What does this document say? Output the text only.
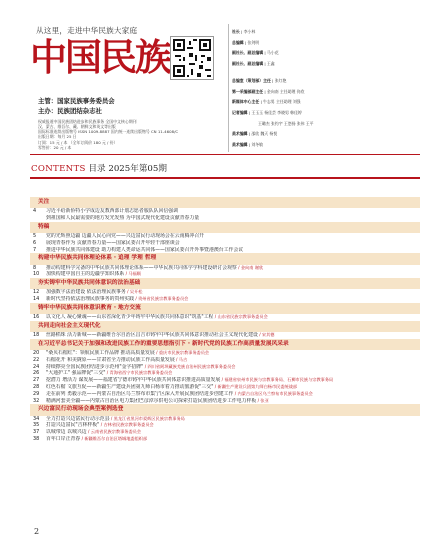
从这里，走进中华民族大家庭
中国民族
主管：国家民族事务委员会
主办：民族团结杂志社
权威报道中国民族团结进步和民族事务 全国中文核心期刊
汉、蒙古、维吾尔、藏、朝鲜文和英文等出版
国际标准连续出版物号 ISSN 1009-8887 国内统一连续出版物号 CN 11-4608/C
出版日期：每月 25 日
订阅：15 元 / 本 （全年订阅价 180 元 / 份）
零售价：20 元 / 本
社长 | 李小林
总编辑 | 张剑明
副社长、副总编辑 | 马小花
副社长、副总编辑 | 王鑫
总编室（策划部）主任 | 张红艳
第一采编部副主任 | 金向南 主任助理 佟欣
新媒体中心主任 | 牛志男 主任助理 刘强
记者编辑 | 王玉玉 杨佳芸 李晓男 韩佳婷
王璐杰 张钧宇 王悠扬 张伟 王平
美术编辑 | 邵欣 魏天 杨悦
美术编辑 | 刘冬敏
CONTENTS 目录 2025年第05期
关注
4 习近平给新侨特小学成边友教西部计划志愿者服队队回信强调
到祖国和人民最需要的地方发光发热 为中国式现代化建设贡献青春力量
特稿
5 党的光辉照边疆 边疆人民心向党——兴边富民行动现场会在云南腾冲召开
6 展现青春作为 贡献青春力量——国家民委召开年轻干部座谈会
7 推进中华民族共同体建设 助力构建人类命运共同体——国家民委召开外事暨港澳台工作会议
构建中华民族共同体理论体系 · 追理 学理 哲理
8 推动构建科学完备的中华民族共同体理论体系——中华民族共同体学学科建设研讨会观察 / 金向南 谢欣
10 加快构建中国自主的边疆学知识体系 / 马福顺
夯实铸牢中华民族共同体意识的法治基础
12 加强数字法治建设 依法治理民族事务 / 吴开松
14 新时代坚持依法治理民族事务的贵州实践 / 贵州省民族宗教事务委员会
铸牢中华民族共同体意识教育 · 地方交流
16 以文化人 凝心聚魂——山东省深化青少年铸牢中华民族共同体意识"筑基"工程 / 山东省民族宗教事务委员会
共同走向社会主义现代化
18 丝路稻珠 活力新城——新疆维吾尔自治区昌吉市铸牢中华民族共同体意识推动社会主义现代化建设 / 宋其德
在习近平总书记关于加强和改进民族工作的重要思想指引下 · 新时代党的民族工作高质量发展风采录
20 "桑贝石榴红"：领航民族工作品牌 推动高质量发展 / 重庆市民族宗教事务委员会
22 石榴花开 和美陇原——甘肃省全力推动民族工作高质量发展 / 马吉
24 持续擦亮全国民族团结进步示范州"金字招牌" / 四川省阿坝藏族羌族自治州民族宗教事务委员会
26 "大通护工" 强品牌促"三交" / 青海省西宁市民族宗教事务委员会
27 挖潜力 增活力 谋发展——福建省宁德市铸牢中华民族共同体意识推进高质量发展 / 福建省泉州市民族与宗教事务局、石狮市民族与宗教事务局
28 红色石榴 文旅互促——新疆生产建设兵团第九师白杨市着力推动旅游促"三交" / 新疆生产建设兵团第九师白杨市民委统战部
29 走在前列 勇毅示范——内蒙古自治区乌兰察布市集宁区深入开展民族团结进步创建工作 / 内蒙古自治区乌兰察布市民族事务委员会
32 精满河套美全疆——内蒙古自治区电力集团巴彦淖尔供电公司探索打造民族团结进步工作电力样板 / 张亚
兴边富民行动现场会典型案例选登
34 全力打造兴边富民行动示范县 / 黑龙江省黑河市爱辉区民族宗教事务局
35 打造兴边富民"吉林样板" / 吉林省民族宗教事务委员会
37 以城带边 以城兴边 / 云南省民族宗教事务委员会
38 百年口岸正青春 / 新疆维吾尔自治区塔城地委组织部
2
